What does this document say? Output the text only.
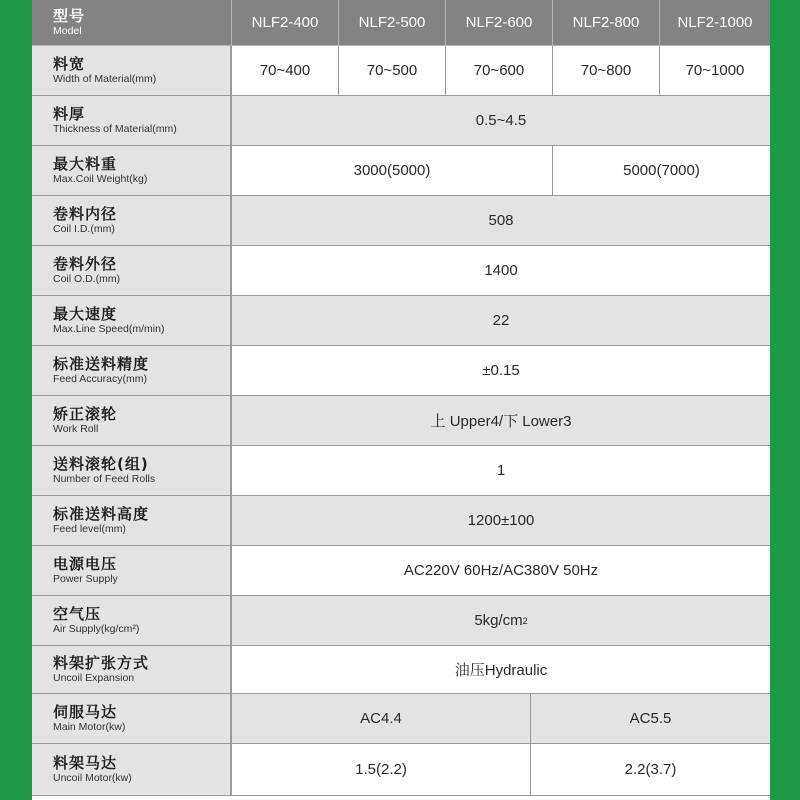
型号
Model	NLF2-400	NLF2-500	NLF2-600	NLF2-800	NLF2-1000
料宽
Width of Material(mm)	70~400	70~500	70~600	70~800	70~1000
料厚
Thickness of Material(mm)	0.5~4.5
最大料重
Max.Coil Weight(kg)	3000(5000)	5000(7000)
卷料内径
Coil I.D.(mm)	508
卷料外径
Coil O.D.(mm)	1400
最大速度
Max.Line Speed(m/min)	22
标准送料精度
Feed Accuracy(mm)	±0.15
矫正滚轮
Work Roll	上 Upper4/下 Lower3
送料滚轮(组)
Number of Feed Rolls	1
标准送料高度
Feed level(mm)	1200±100
电源电压
Power Supply	AC220V 60Hz/AC380V 50Hz
空气压
Air Supply(kg/cm²)	5kg/cm 2
料架扩张方式
Uncoil Expansion	油压Hydraulic
伺服马达
Main Motor(kw)	AC4.4	AC5.5
料架马达
Uncoil Motor(kw)	1.5(2.2)	2.2(3.7)
